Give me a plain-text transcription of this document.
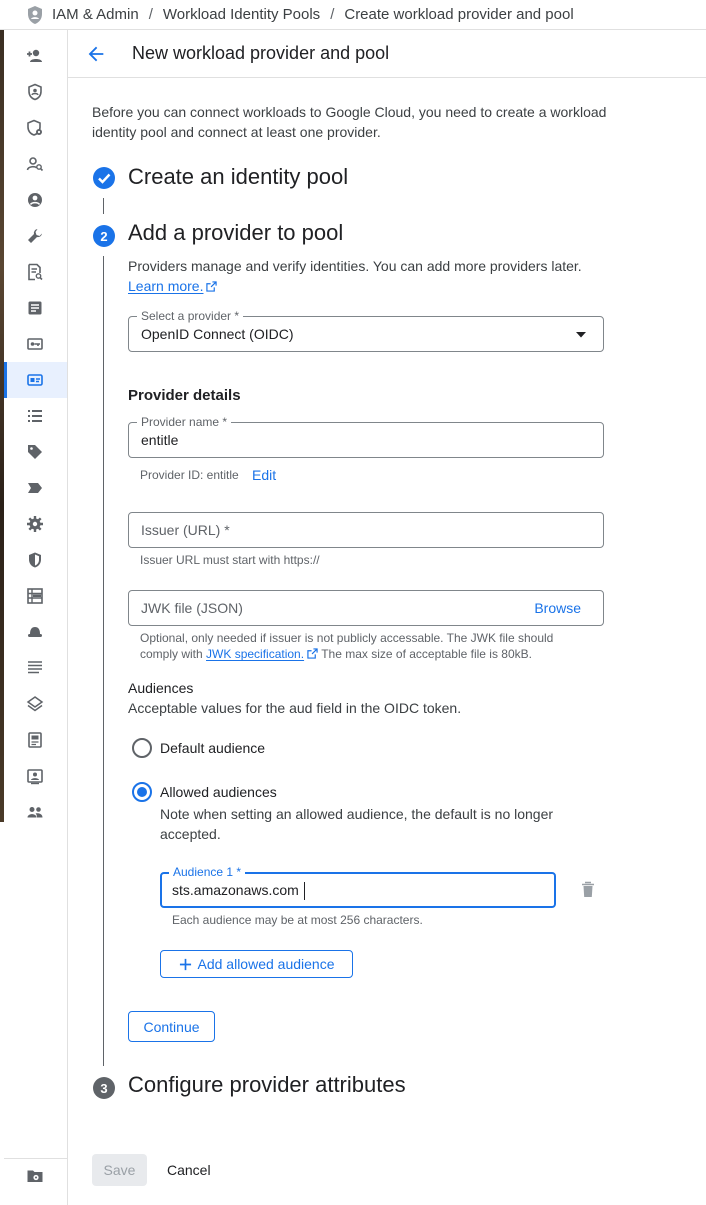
IAM & Admin / Workload Identity Pools / Create workload provider and pool
New workload provider and pool
Before you can connect workloads to Google Cloud, you need to create a workload identity pool and connect at least one provider.
Create an identity pool
2 Add a provider to pool
Providers manage and verify identities. You can add more providers later.
Learn more.
Select a provider *
OpenID Connect (OIDC)
Provider details
Provider name *
entitle
Provider ID: entitle Edit
Issuer (URL) *
Issuer URL must start with https://
JWK file (JSON)	Browse
Optional, only needed if issuer is not publicly accessable. The JWK file should comply with JWK specification. The max size of acceptable file is 80kB.
Audiences
Acceptable values for the aud field in the OIDC token.
Default audience
Allowed audiences
Note when setting an allowed audience, the default is no longer accepted.
Audience 1 *
sts.amazonaws.com
Each audience may be at most 256 characters.
Add allowed audience
Continue
3 Configure provider attributes
Save	Cancel
